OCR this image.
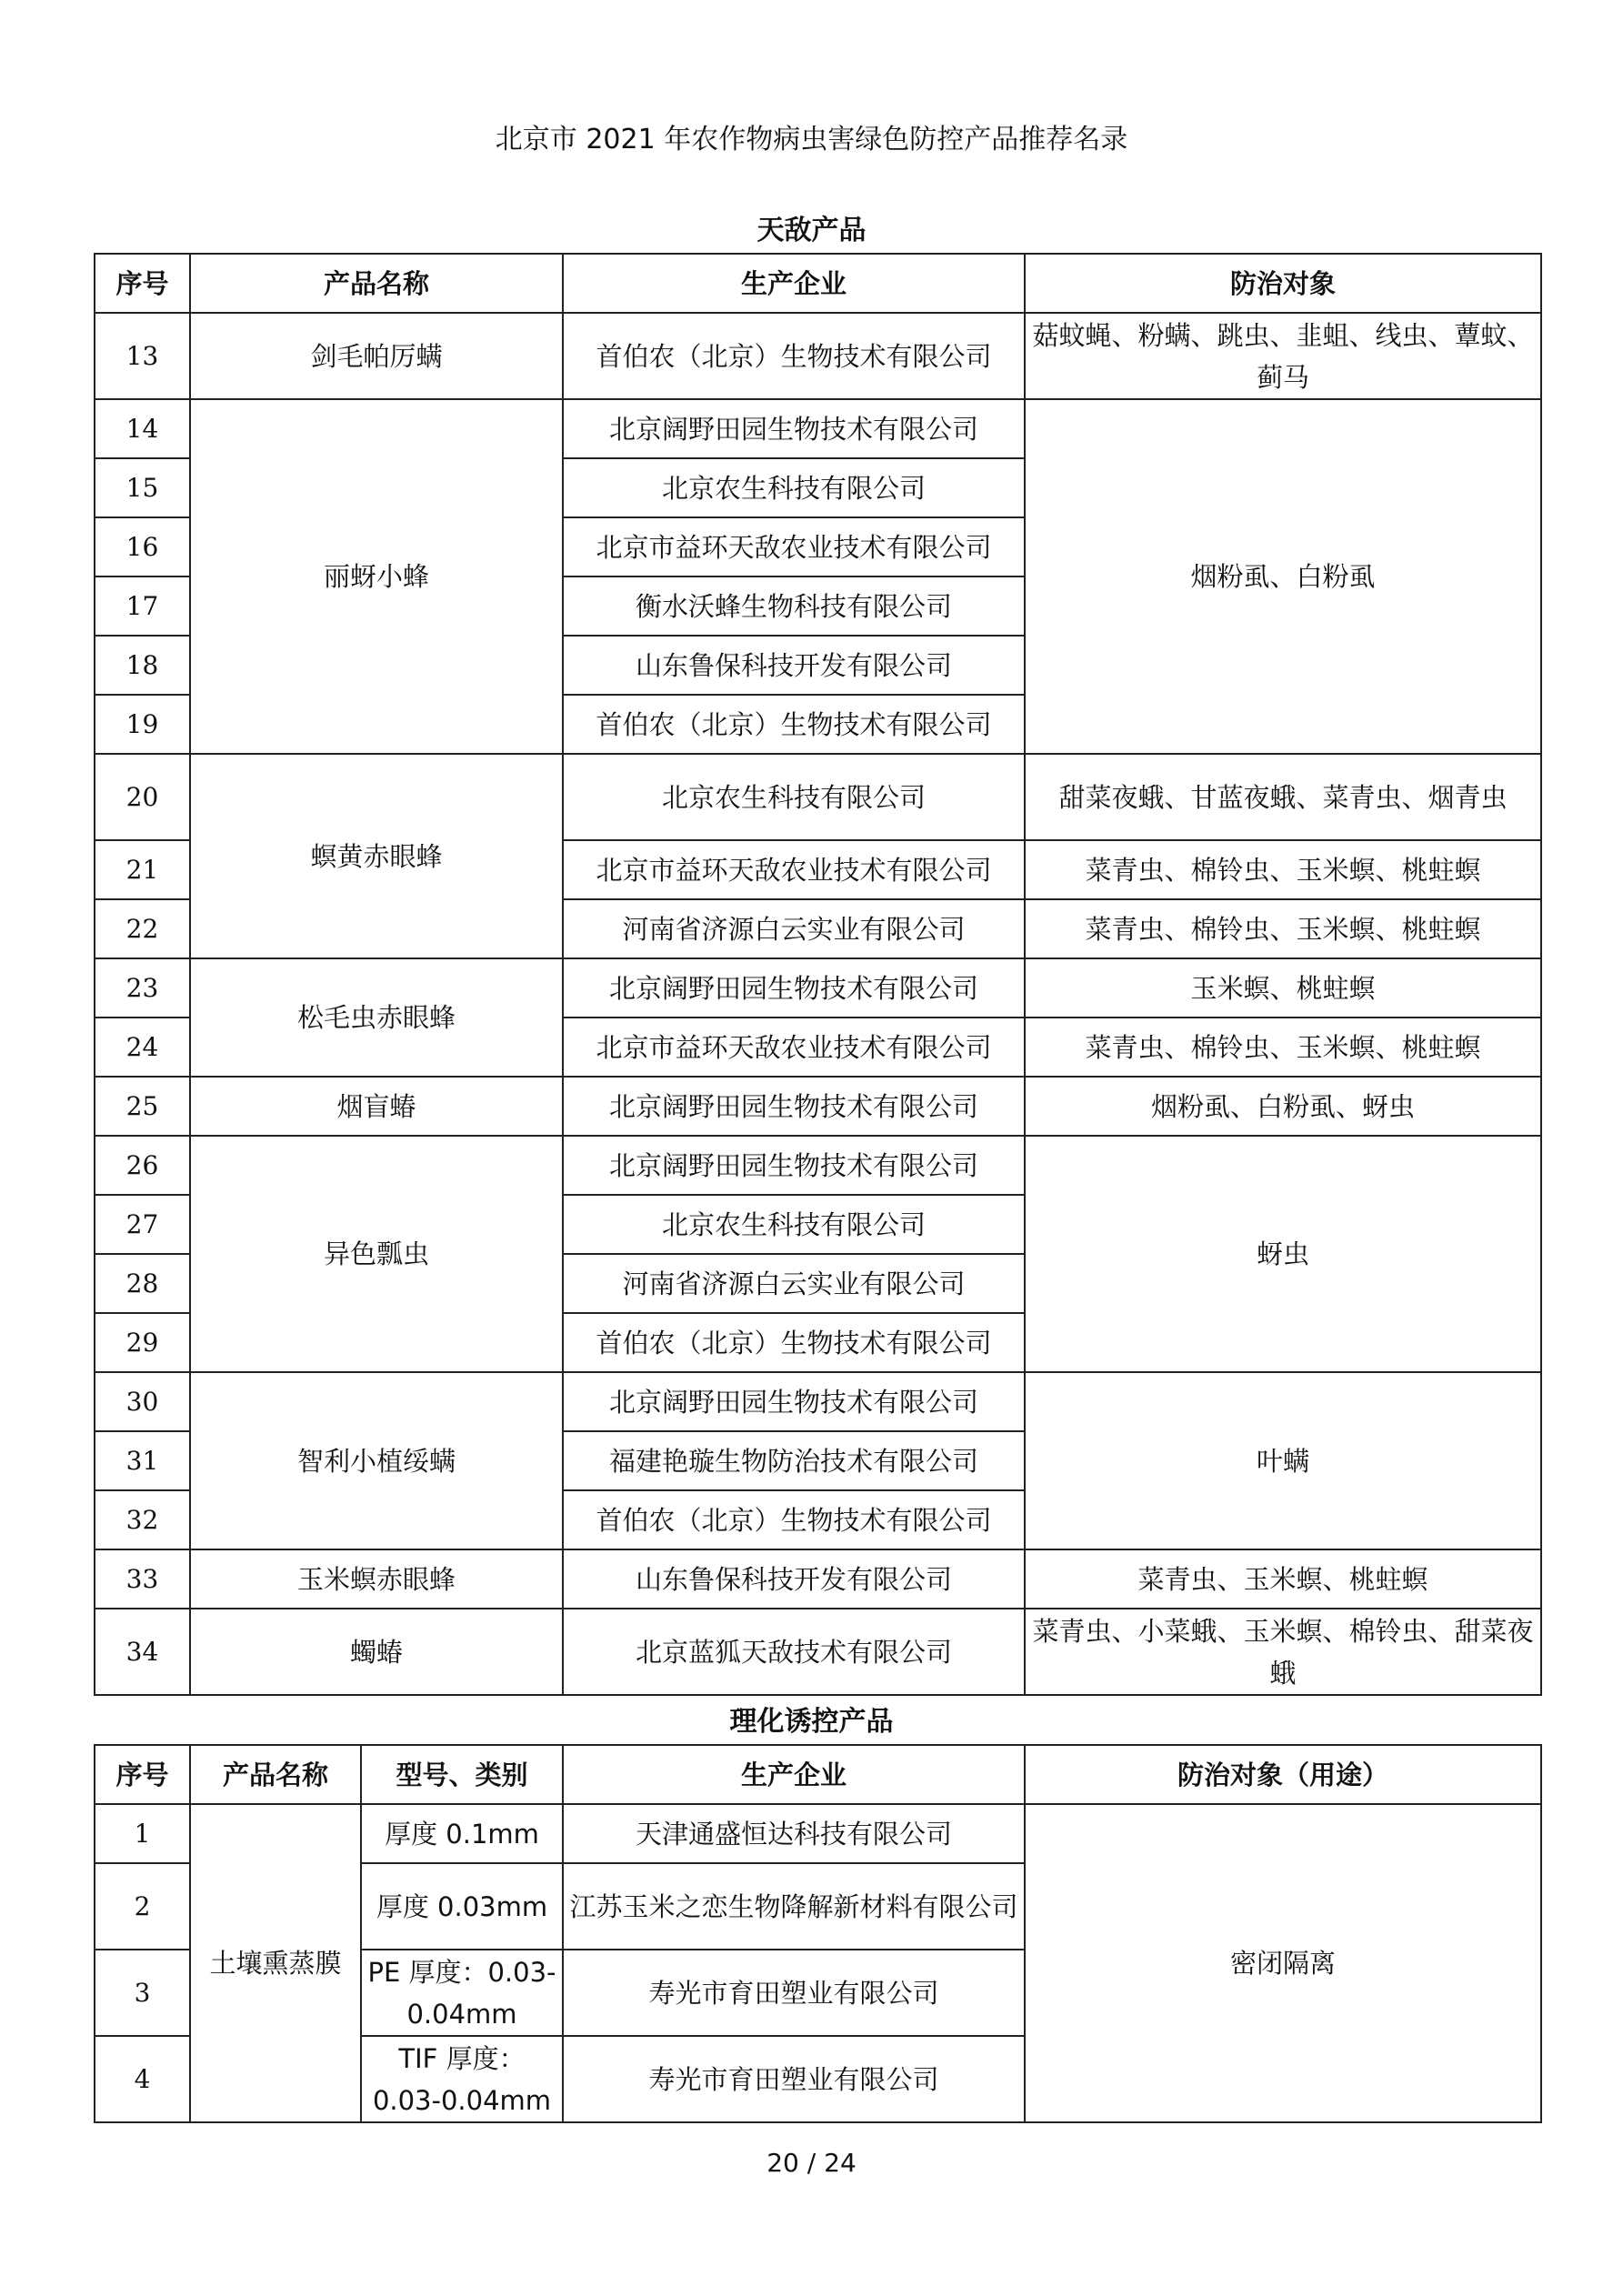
北京市 2021 年农作物病虫害绿色防控产品推荐名录
天敌产品
序号	产品名称	生产企业	防治对象
13	剑毛帕厉螨	首伯农（北京）生物技术有限公司	菇蚊蝇、粉螨、跳虫、韭蛆、线虫、蕈蚊、蓟马
14	丽蚜小蜂	北京阔野田园生物技术有限公司	烟粉虱、白粉虱
15		北京农生科技有限公司	
16		北京市益环天敌农业技术有限公司	
17		衡水沃蜂生物科技有限公司	
18		山东鲁保科技开发有限公司	
19		首伯农（北京）生物技术有限公司	
20	螟黄赤眼蜂	北京农生科技有限公司	甜菜夜蛾、甘蓝夜蛾、菜青虫、烟青虫
21		北京市益环天敌农业技术有限公司	菜青虫、棉铃虫、玉米螟、桃蛀螟
22		河南省济源白云实业有限公司	菜青虫、棉铃虫、玉米螟、桃蛀螟
23	松毛虫赤眼蜂	北京阔野田园生物技术有限公司	玉米螟、桃蛀螟
24		北京市益环天敌农业技术有限公司	菜青虫、棉铃虫、玉米螟、桃蛀螟
25	烟盲蝽	北京阔野田园生物技术有限公司	烟粉虱、白粉虱、蚜虫
26	异色瓢虫	北京阔野田园生物技术有限公司	蚜虫
27		北京农生科技有限公司	
28		河南省济源白云实业有限公司	
29		首伯农（北京）生物技术有限公司	
30	智利小植绥螨	北京阔野田园生物技术有限公司	叶螨
31		福建艳璇生物防治技术有限公司	
32		首伯农（北京）生物技术有限公司	
33	玉米螟赤眼蜂	山东鲁保科技开发有限公司	菜青虫、玉米螟、桃蛀螟
34	蠋蝽	北京蓝狐天敌技术有限公司	菜青虫、小菜蛾、玉米螟、棉铃虫、甜菜夜蛾
理化诱控产品
序号	产品名称	型号、类别	生产企业	防治对象（用途）
1	土壤熏蒸膜	厚度 0.1mm	天津通盛恒达科技有限公司	密闭隔离
2		厚度 0.03mm	江苏玉米之恋生物降解新材料有限公司	
3		PE 厚度：0.03-0.04mm	寿光市育田塑业有限公司	
4		TIF 厚度：0.03-0.04mm	寿光市育田塑业有限公司	
20 / 24
